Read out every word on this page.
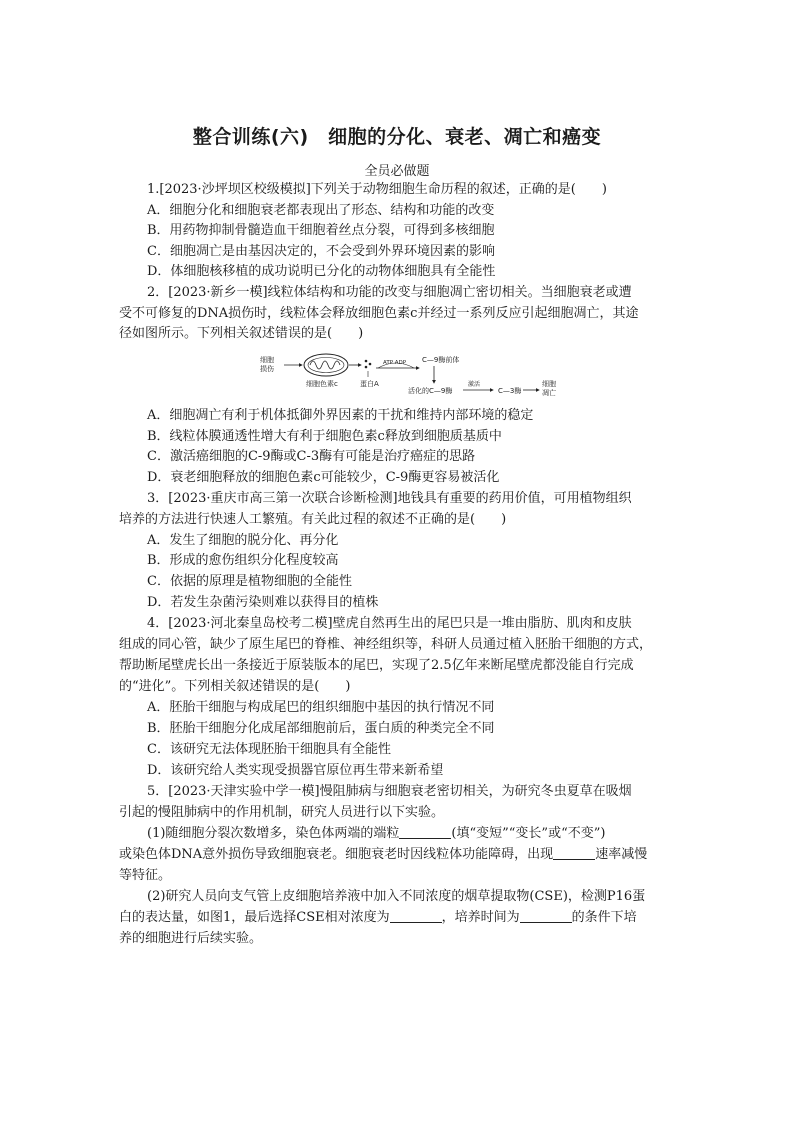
整合训练(六)　细胞的分化、衰老、凋亡和癌变
全员必做题
1.[2023·沙坪坝区校级模拟]下列关于动物细胞生命历程的叙述，正确的是(　　)
A．细胞分化和细胞衰老都表现出了形态、结构和功能的改变
B．用药物抑制骨髓造血干细胞着丝点分裂，可得到多核细胞
C．细胞凋亡是由基因决定的，不会受到外界环境因素的影响
D．体细胞核移植的成功说明已分化的动物体细胞具有全能性
2．[2023·新乡一模]线粒体结构和功能的改变与细胞凋亡密切相关。当细胞衰老或遭
受不可修复的DNA损伤时，线粒体会释放细胞色素c并经过一系列反应引起细胞凋亡，其途
径如图所示。下列相关叙述错误的是(　　)
细胞
损伤
细胞色素c	蛋白A
ATP ADP C—9酶前体
活化的C—9酶
激活
C—3酶
细胞
凋亡
A．细胞凋亡有利于机体抵御外界因素的干扰和维持内部环境的稳定
B．线粒体膜通透性增大有利于细胞色素c释放到细胞质基质中
C．激活癌细胞的C-9酶或C-3酶有可能是治疗癌症的思路
D．衰老细胞释放的细胞色素c可能较少，C-9酶更容易被活化
3．[2023·重庆市高三第一次联合诊断检测]地钱具有重要的药用价值，可用植物组织
培养的方法进行快速人工繁殖。有关此过程的叙述不正确的是(　　)
A．发生了细胞的脱分化、再分化
B．形成的愈伤组织分化程度较高
C．依据的原理是植物细胞的全能性
D．若发生杂菌污染则难以获得目的植株
4．[2023·河北秦皇岛校考二模]壁虎自然再生出的尾巴只是一堆由脂肪、肌肉和皮肤
组成的同心管，缺少了原生尾巴的脊椎、神经组织等，科研人员通过植入胚胎干细胞的方式，
帮助断尾壁虎长出一条接近于原装版本的尾巴，实现了2.5亿年来断尾壁虎都没能自行完成
的“进化”。下列相关叙述错误的是(　　)
A．胚胎干细胞与构成尾巴的组织细胞中基因的执行情况不同
B．胚胎干细胞分化成尾部细胞前后，蛋白质的种类完全不同
C．该研究无法体现胚胎干细胞具有全能性
D．该研究给人类实现受损器官原位再生带来新希望
5．[2023·天津实验中学一模]慢阻肺病与细胞衰老密切相关，为研究冬虫夏草在吸烟
引起的慢阻肺病中的作用机制，研究人员进行以下实验。
(1)随细胞分裂次数增多，染色体两端的端粒	(填“变短”“变长”或“不变”)
或染色体DNA意外损伤导致细胞衰老。细胞衰老时因线粒体功能障碍，出现	速率减慢
等特征。
(2)研究人员向支气管上皮细胞培养液中加入不同浓度的烟草提取物(CSE)，检测P16蛋
白的表达量，如图1，最后选择CSE相对浓度为	，培养时间为	的条件下培
养的细胞进行后续实验。
